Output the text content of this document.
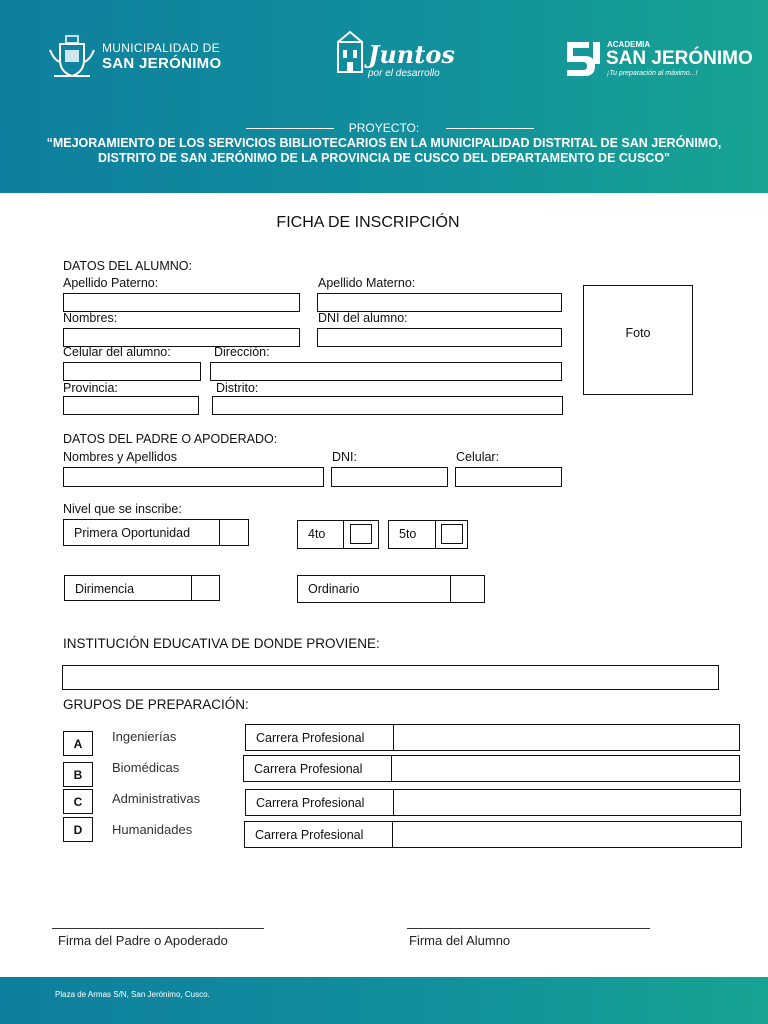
MUNICIPALIDAD DE
SAN JERÓNIMO	Juntos
por el desarrollo
ACADEMIA
SAN JERÓNIMO
¡Tu preparación al máximo...!
PROYECTO:
“MEJORAMIENTO DE LOS SERVICIOS BIBLIOTECARIOS EN LA MUNICIPALIDAD DISTRITAL DE SAN JERÓNIMO, DISTRITO DE SAN JERÓNIMO DE LA PROVINCIA DE CUSCO DEL DEPARTAMENTO DE CUSCO"
FICHA DE INSCRIPCIÓN
DATOS DEL ALUMNO:
Apellido Paterno:	Apellido Materno:
Nombres:	DNI del alumno:
Celular del alumno:	Dirección:
Provincia:	Distrito:
Foto
DATOS DEL PADRE O APODERADO:
Nombres y Apellidos	DNI:	Celular:
Nivel que se inscribe:
Primera Oportunidad	4to	5to
Dirimencia	Ordinario
INSTITUCIÓN EDUCATIVA DE DONDE PROVIENE:
GRUPOS DE PREPARACIÓN:
A	Ingenierías	Carrera Profesional
B	Biomédicas	Carrera Profesional
C	Administrativas	Carrera Profesional
D	Humanidades	Carrera Profesional
Firma del Padre o Apoderado	Firma del Alumno
Plaza de Armas S/N, San Jerónimo, Cusco.
